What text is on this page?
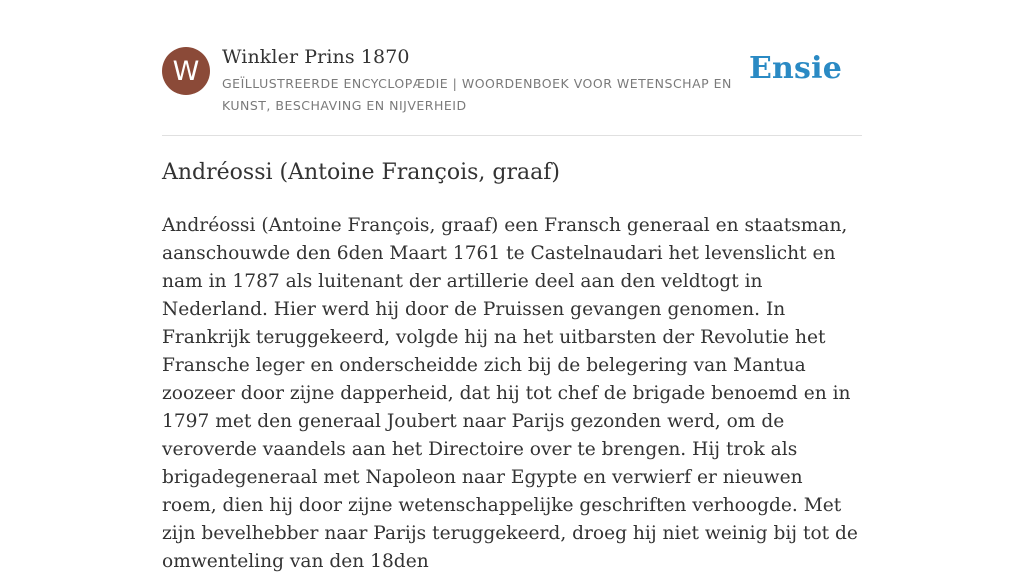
W	Winkler Prins 1870
GEÏLLUSTREERDE ENCYCLOPÆDIE | WOORDENBOEK VOOR WETENSCHAP EN KUNST, BESCHAVING EN NIJVERHEID
Ensie
Andréossi (Antoine François, graaf)

Andréossi (Antoine François, graaf) een Fransch generaal en staatsman, aanschouwde den 6den Maart 1761 te Castelnaudari het levenslicht en nam in 1787 als luitenant der artillerie deel aan den veldtogt in Nederland. Hier werd hij door de Pruissen gevangen genomen. In Frankrijk teruggekeerd, volgde hij na het uitbarsten der Revolutie het Fransche leger en onderscheidde zich bij de belegering van Mantua zoozeer door zijne dapperheid, dat hij tot chef de brigade benoemd en in 1797 met den generaal Joubert naar Parijs gezonden werd, om de veroverde vaandels aan het Directoire over te brengen. Hij trok als brigadegeneraal met Napoleon naar Egypte en verwierf er nieuwen roem, dien hij door zijne wetenschappelijke geschriften verhoogde. Met zijn bevelhebber naar Parijs teruggekeerd, droeg hij niet weinig bij tot de omwenteling van den 18den
